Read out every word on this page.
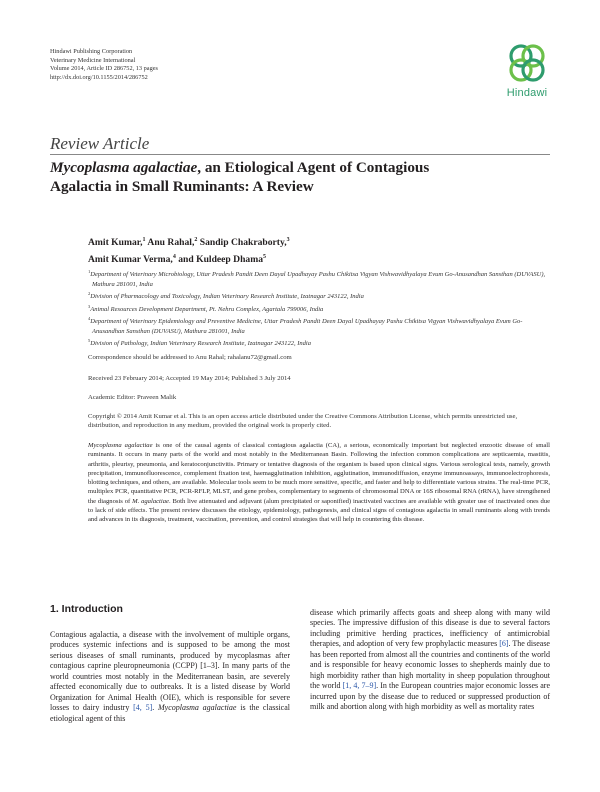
Hindawi Publishing Corporation
Veterinary Medicine International
Volume 2014, Article ID 286752, 13 pages
http://dx.doi.org/10.1155/2014/286752
Hindawi
Review Article
Mycoplasma agalactiae, an Etiological Agent of Contagious
Agalactia in Small Ruminants: A Review
Amit Kumar,$^1$ Anu Rahal,$^2$ Sandip Chakraborty,$^3$
Amit Kumar Verma,$^4$ and Kuldeep Dhama$^5$
$^1$Department of Veterinary Microbiology, Uttar Pradesh Pandit Deen Dayal Upadhayay Pashu Chikitsa Vigyan Vishwavidhyalaya Evum Go-Anusandhan Sansthan (DUVASU), Mathura 281001, India
$^2$Division of Pharmacology and Toxicology, Indian Veterinary Research Institute, Izatnagar 243122, India
$^3$Animal Resources Development Department, Pt. Nehru Complex, Agartala 799006, India
$^4$Department of Veterinary Epidemiology and Preventive Medicine, Uttar Pradesh Pandit Deen Dayal Upadhayay Pashu Chikitsa Vigyan Vishwavidhyalaya Evum Go-Anusandhan Sansthan (DUVASU), Mathura 281001, India
$^5$Division of Pathology, Indian Veterinary Research Institute, Izatnagar 243122, India
Correspondence should be addressed to Anu Rahal; rahalanu72@gmail.com
Received 23 February 2014; Accepted 19 May 2014; Published 3 July 2014
Academic Editor: Praveen Malik
Copyright © 2014 Amit Kumar et al. This is an open access article distributed under the Creative Commons Attribution License, which permits unrestricted use, distribution, and reproduction in any medium, provided the original work is properly cited.
Mycoplasma agalactiae is one of the causal agents of classical contagious agalactia (CA), a serious, economically important but neglected enzootic disease of small ruminants. It occurs in many parts of the world and most notably in the Mediterranean Basin. Following the infection common complications are septicaemia, mastitis, arthritis, pleurisy, pneumonia, and keratoconjunctivitis. Primary or tentative diagnosis of the organism is based upon clinical signs. Various serological tests, namely, growth precipitation, immunofluorescence, complement fixation test, haemagglutination inhibition, agglutination, immunodiffusion, enzyme immunoassays, immunoelectrophoresis, blotting techniques, and others, are available. Molecular tools seem to be much more sensitive, specific, and faster and help to differentiate various strains. The real-time PCR, multiplex PCR, quantitative PCR, PCR-RFLP, MLST, and gene probes, complementary to segments of chromosomal DNA or 16S ribosomal RNA (rRNA), have strengthened the diagnosis of M. agalactiae. Both live attenuated and adjuvant (alum precipitated or saponified) inactivated vaccines are available with greater use of inactivated ones due to lack of side effects. The present review discusses the etiology, epidemiology, pathogenesis, and clinical signs of contagious agalactia in small ruminants along with trends and advances in its diagnosis, treatment, vaccination, prevention, and control strategies that will help in countering this disease.
1. Introduction
Contagious agalactia, a disease with the involvement of multiple organs, produces systemic infections and is supposed to be among the most serious diseases of small ruminants, produced by mycoplasmas after contagious caprine pleuropneumonia (CCPP) [1–3]. In many parts of the world countries most notably in the Mediterranean basin, are severely affected economically due to outbreaks. It is a listed disease by World Organization for Animal Health (OIE), which is responsible for severe losses to dairy industry [4, 5]. Mycoplasma agalactiae is the classical etiological agent of this
disease which primarily affects goats and sheep along with many wild species. The impressive diffusion of this disease is due to several factors including primitive herding practices, inefficiency of antimicrobial therapies, and adoption of very few prophylactic measures [6]. The disease has been reported from almost all the countries and continents of the world and is responsible for heavy economic losses to shepherds mainly due to high morbidity rather than high mortality in sheep population throughout the world [1, 4, 7–9]. In the European countries major economic losses are incurred upon by the disease due to reduced or suppressed production of milk and abortion along with high morbidity as well as mortality rates
